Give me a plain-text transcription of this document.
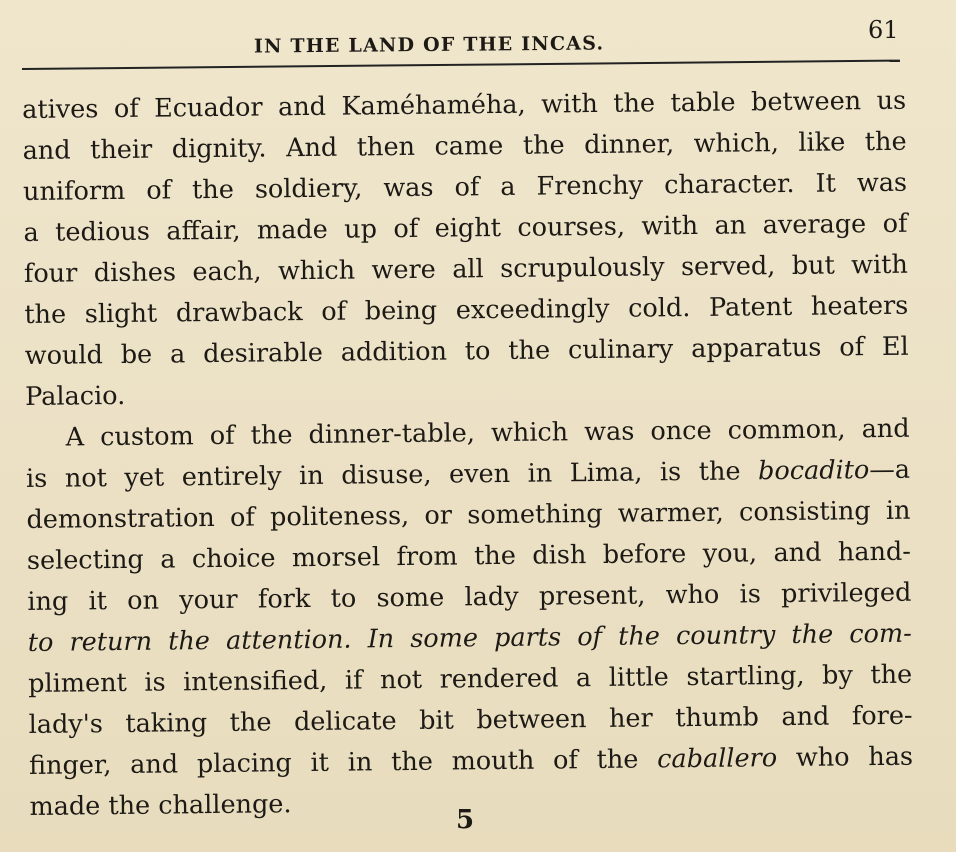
IN THE LAND OF THE INCAS.
61
atives of Ecuador and Kaméhaméha, with the table between us
and their dignity. And then came the dinner, which, like the
uniform of the soldiery, was of a Frenchy character. It was
a tedious affair, made up of eight courses, with an average of
four dishes each, which were all scrupulously served, but with
the slight drawback of being exceedingly cold. Patent heaters
would be a desirable addition to the culinary apparatus of El
Palacio.
A custom of the dinner-table, which was once common, and
is not yet entirely in disuse, even in Lima, is the bocadito—a
demonstration of politeness, or something warmer, consisting in
selecting a choice morsel from the dish before you, and hand-
ing it on your fork to some lady present, who is privileged
to return the attention. In some parts of the country the com-
pliment is intensified, if not rendered a little startling, by the
lady's taking the delicate bit between her thumb and fore-
finger, and placing it in the mouth of the caballero who has
made the challenge.	5
